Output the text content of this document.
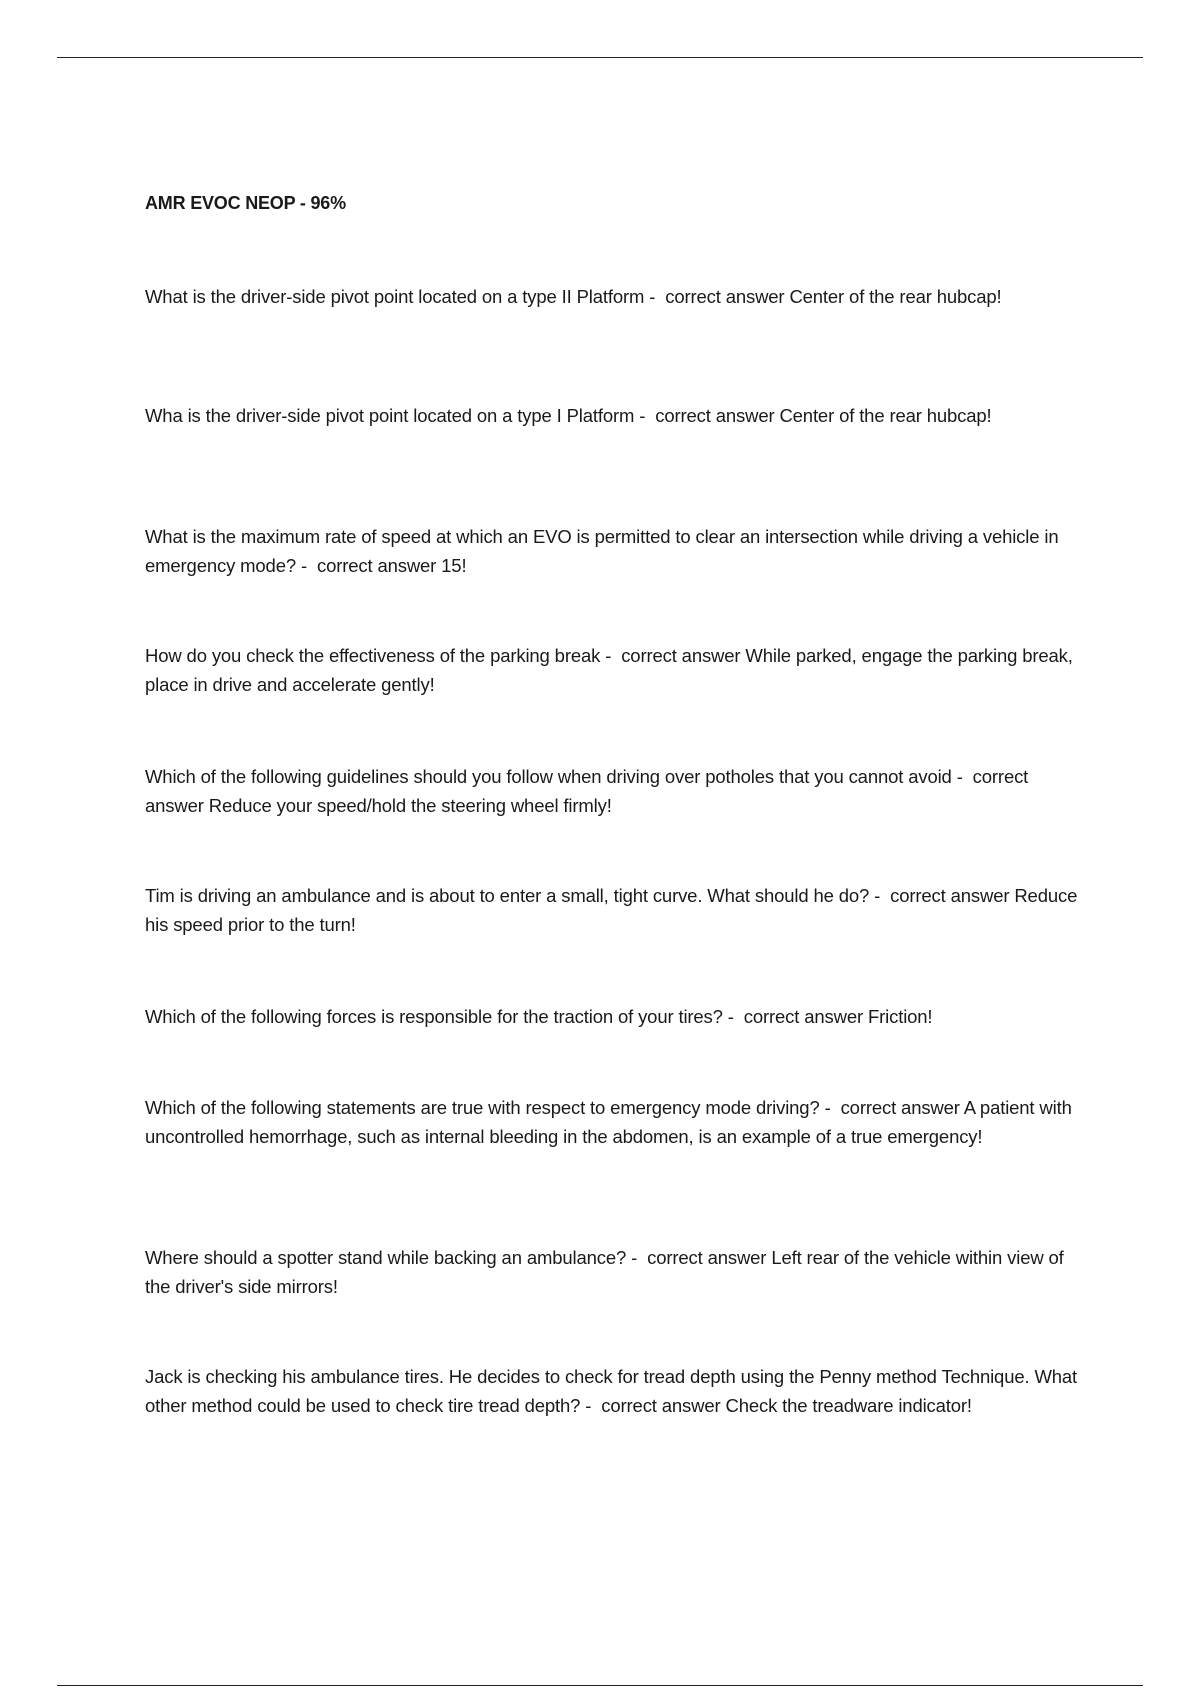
AMR EVOC NEOP - 96%

What is the driver-side pivot point located on a type II Platform -  correct answer Center of the rear hubcap!

Wha is the driver-side pivot point located on a type I Platform -  correct answer Center of the rear hubcap!

What is the maximum rate of speed at which an EVO is permitted to clear an intersection while driving a vehicle in emergency mode? -  correct answer 15!

How do you check the effectiveness of the parking break -  correct answer While parked, engage the parking break, place in drive and accelerate gently!

Which of the following guidelines should you follow when driving over potholes that you cannot avoid -  correct answer Reduce your speed/hold the steering wheel firmly!

Tim is driving an ambulance and is about to enter a small, tight curve. What should he do? -  correct answer Reduce his speed prior to the turn!

Which of the following forces is responsible for the traction of your tires? -  correct answer Friction!

Which of the following statements are true with respect to emergency mode driving? -  correct answer A patient with uncontrolled hemorrhage, such as internal bleeding in the abdomen, is an example of a true emergency!

Where should a spotter stand while backing an ambulance? -  correct answer Left rear of the vehicle within view of the driver's side mirrors!

Jack is checking his ambulance tires. He decides to check for tread depth using the Penny method Technique. What other method could be used to check tire tread depth? -  correct answer Check the treadware indicator!
